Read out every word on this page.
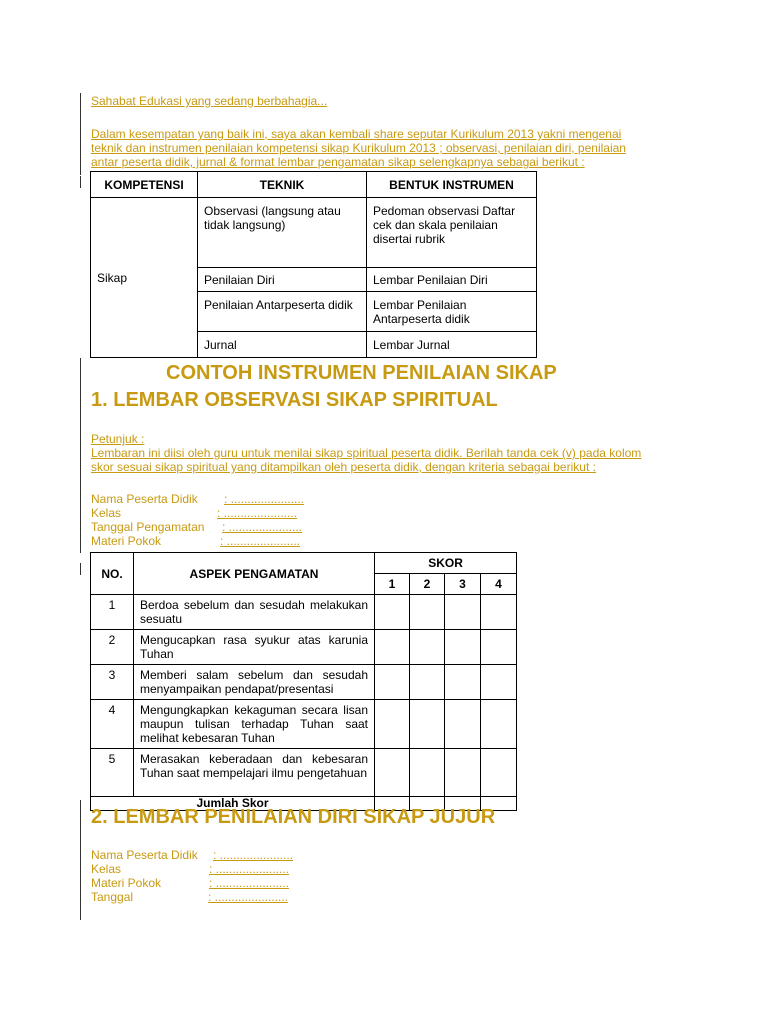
Sahabat Edukasi yang sedang berbahagia...
Dalam kesempatan yang baik ini, saya akan kembali share seputar Kurikulum 2013 yakni mengenai
teknik dan instrumen penilaian kompetensi sikap Kurikulum 2013 ; observasi, penilaian diri, penilaian
antar peserta didik, jurnal & format lembar pengamatan sikap selengkapnya sebagai berikut :
KOMPETENSI	TEKNIK	BENTUK INSTRUMEN
Sikap	Observasi (langsung atau tidak langsung)	Pedoman observasi Daftar cek dan skala penilaian disertai rubrik
	Penilaian Diri	Lembar Penilaian Diri
	Penilaian Antarpeserta didik	Lembar Penilaian Antarpeserta didik
	Jurnal	Lembar Jurnal
CONTOH INSTRUMEN PENILAIAN SIKAP
1. LEMBAR OBSERVASI SIKAP SPIRITUAL
Petunjuk :
Lembaran ini diisi oleh guru untuk menilai sikap spiritual peserta didik. Berilah tanda cek (v) pada kolom
skor sesuai sikap spiritual yang ditampilkan oleh peserta didik, dengan kriteria sebagai berikut :
Nama Peserta Didik : ......................
Kelas	: ......................
Tanggal Pengamatan : ......................
Materi Pokok	: ......................
NO.	ASPEK PENGAMATAN	SKOR			
		1	2	3	4
1	Berdoa sebelum dan sesudah melakukan sesuatu				
2	Mengucapkan rasa syukur atas karunia Tuhan				
3	Memberi salam sebelum dan sesudah menyampaikan pendapat/presentasi				
4	Mengungkapkan kekaguman secara lisan maupun tulisan terhadap Tuhan saat melihat kebesaran Tuhan				
5	Merasakan keberadaan dan kebesaran Tuhan saat mempelajari ilmu pengetahuan				
Jumlah Skor					
2. LEMBAR PENILAIAN DIRI SIKAP JUJUR
Nama Peserta Didik : ......................
Kelas	: ......................
Materi Pokok	: ......................
Tanggal	: ......................
